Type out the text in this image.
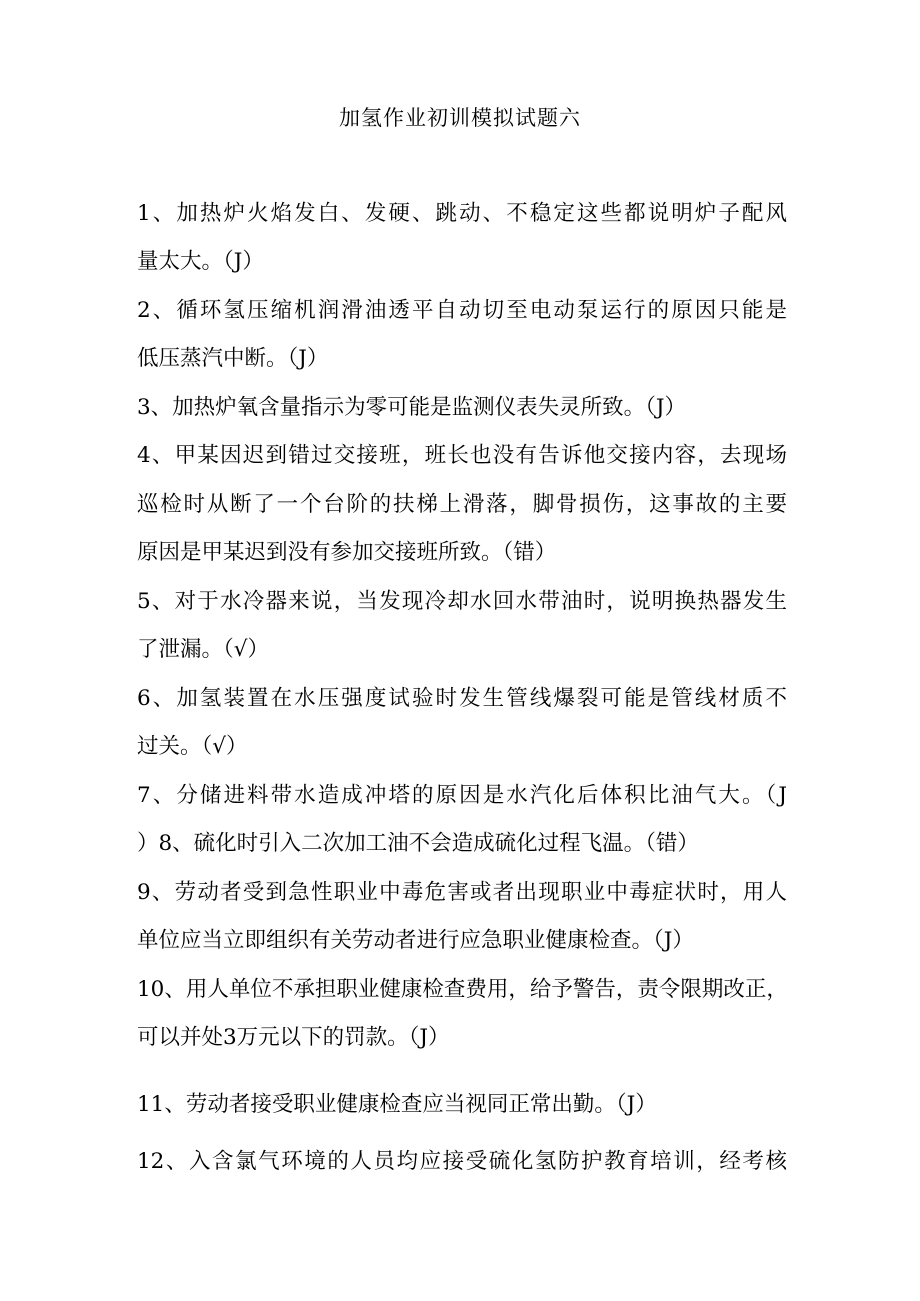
加氢作业初训模拟试题六
1、加热炉火焰发白、发硬、跳动、不稳定这些都说明炉子配风
量太大。（J）
2、循环氢压缩机润滑油透平自动切至电动泵运行的原因只能是
低压蒸汽中断。（J）
3、加热炉氧含量指示为零可能是监测仪表失灵所致。（J）
4、甲某因迟到错过交接班，班长也没有告诉他交接内容，去现场
巡检时从断了一个台阶的扶梯上滑落，脚骨损伤，这事故的主要
原因是甲某迟到没有参加交接班所致。（错）
5、对于水冷器来说，当发现冷却水回水带油时，说明换热器发生
了泄漏。（√）
6、加氢装置在水压强度试验时发生管线爆裂可能是管线材质不
过关。（√）
7、分储进料带水造成冲塔的原因是水汽化后体积比油气大。（J
）8、硫化时引入二次加工油不会造成硫化过程飞温。（错）
9、劳动者受到急性职业中毒危害或者出现职业中毒症状时，用人
单位应当立即组织有关劳动者进行应急职业健康检查。（J）
10、用人单位不承担职业健康检查费用，给予警告，责令限期改正，
可以并处3万元以下的罚款。（J）
11、劳动者接受职业健康检查应当视同正常出勤。（J）
12、入含氯气环境的人员均应接受硫化氢防护教育培训，经考核
